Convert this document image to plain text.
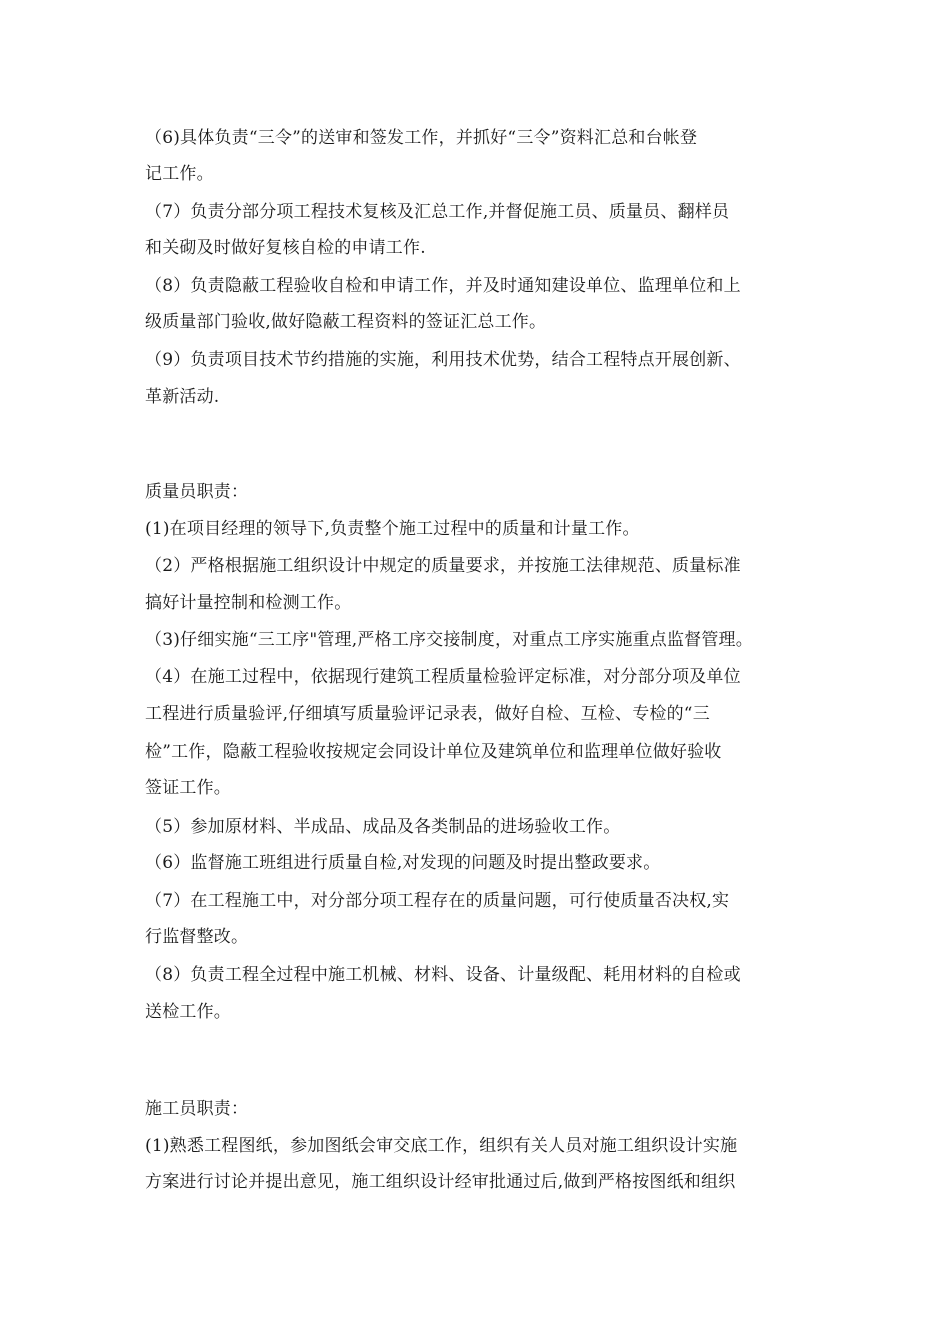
（6)具体负责“三令”的送审和签发工作，并抓好“三令”资料汇总和台帐登
记工作。
（7）负责分部分项工程技术复核及汇总工作,并督促施工员、质量员、翻样员
和关砌及时做好复核自检的申请工作.
（8）负责隐蔽工程验收自检和申请工作，并及时通知建设单位、监理单位和上
级质量部门验收,做好隐蔽工程资料的签证汇总工作。
（9）负责项目技术节约措施的实施，利用技术优势，结合工程特点开展创新、
革新活动.
质量员职责：
(1)在项目经理的领导下,负责整个施工过程中的质量和计量工作。
（2）严格根据施工组织设计中规定的质量要求，并按施工法律规范、质量标准
搞好计量控制和检测工作。
（3)仔细实施“三工序"管理,严格工序交接制度，对重点工序实施重点监督管理。
（4）在施工过程中，依据现行建筑工程质量检验评定标准，对分部分项及单位
工程进行质量验评,仔细填写质量验评记录表，做好自检、互检、专检的“三
检”工作，隐蔽工程验收按规定会同设计单位及建筑单位和监理单位做好验收
签证工作。
（5）参加原材料、半成品、成品及各类制品的进场验收工作。
（6）监督施工班组进行质量自检,对发现的问题及时提出整政要求。
（7）在工程施工中，对分部分项工程存在的质量问题，可行使质量否决权,实
行监督整改。
（8）负责工程全过程中施工机械、材料、设备、计量级配、耗用材料的自检或
送检工作。
施工员职责：
(1)熟悉工程图纸，参加图纸会审交底工作，组织有关人员对施工组织设计实施
方案进行讨论并提出意见，施工组织设计经审批通过后,做到严格按图纸和组织
